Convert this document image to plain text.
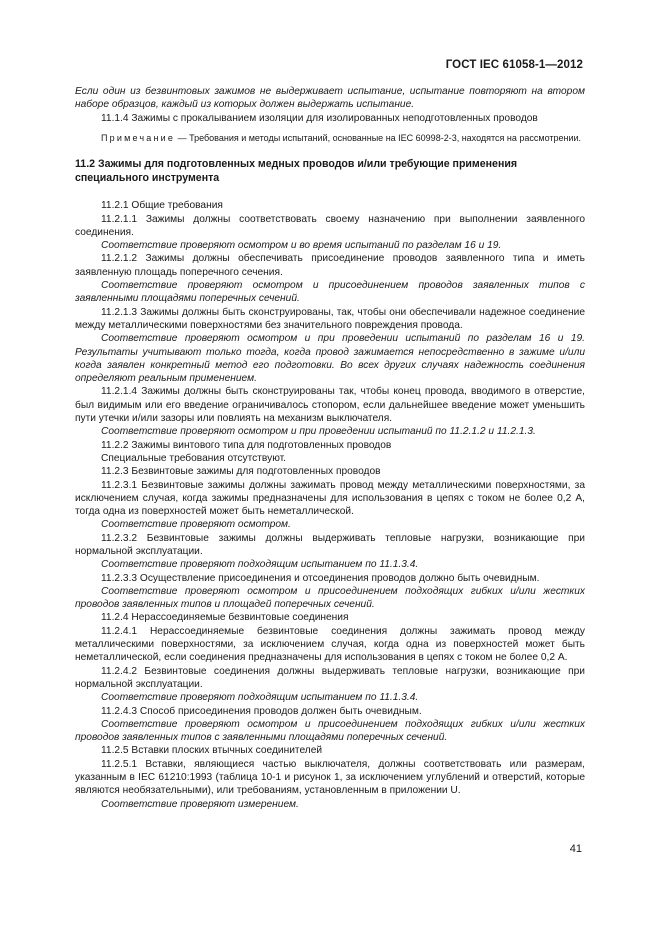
ГОСТ IEC 61058-1—2012

Если один из безвинтовых зажимов не выдерживает испытание, испытание повторяют на втором наборе образцов, каждый из которых должен выдержать испытание.

11.1.4 Зажимы с прокалыванием изоляции для изолированных неподготовленных проводов

Примечание — Требования и методы испытаний, основанные на IEC 60998-2-3, находятся на рассмотрении.

11.2 Зажимы для подготовленных медных проводов и/или требующие применения специального инструмента

11.2.1 Общие требования

11.2.1.1 Зажимы должны соответствовать своему назначению при выполнении заявленного соединения.

Соответствие проверяют осмотром и во время испытаний по разделам 16 и 19.

11.2.1.2 Зажимы должны обеспечивать присоединение проводов заявленного типа и иметь заявленную площадь поперечного сечения.

Соответствие проверяют осмотром и присоединением проводов заявленных типов с заявленными площадями поперечных сечений.

11.2.1.3 Зажимы должны быть сконструированы, так, чтобы они обеспечивали надежное соединение между металлическими поверхностями без значительного повреждения провода.

Соответствие проверяют осмотром и при проведении испытаний по разделам 16 и 19. Результаты учитывают только тогда, когда провод зажимается непосредственно в зажиме и/или когда заявлен конкретный метод его подготовки. Во всех других случаях надежность соединения определяют реальным применением.

11.2.1.4 Зажимы должны быть сконструированы так, чтобы конец провода, вводимого в отверстие, был видимым или его введение ограничивалось стопором, если дальнейшее введение может уменьшить пути утечки и/или зазоры или повлиять на механизм выключателя.

Соответствие проверяют осмотром и при проведении испытаний по 11.2.1.2 и 11.2.1.3.

11.2.2 Зажимы винтового типа для подготовленных проводов

Специальные требования отсутствуют.

11.2.3 Безвинтовые зажимы для подготовленных проводов

11.2.3.1 Безвинтовые зажимы должны зажимать провод между металлическими поверхностями, за исключением случая, когда зажимы предназначены для использования в цепях с током не более 0,2 А, тогда одна из поверхностей может быть неметаллической.

Соответствие проверяют осмотром.

11.2.3.2 Безвинтовые зажимы должны выдерживать тепловые нагрузки, возникающие при нормальной эксплуатации.

Соответствие проверяют подходящим испытанием по 11.1.3.4.

11.2.3.3 Осуществление присоединения и отсоединения проводов должно быть очевидным.

Соответствие проверяют осмотром и присоединением подходящих гибких и/или жестких проводов заявленных типов и площадей поперечных сечений.

11.2.4 Нерассоединяемые безвинтовые соединения

11.2.4.1 Нерассоединяемые безвинтовые соединения должны зажимать провод между металлическими поверхностями, за исключением случая, когда одна из поверхностей может быть неметаллической, если соединения предназначены для использования в цепях с током не более 0,2 А.

11.2.4.2 Безвинтовые соединения должны выдерживать тепловые нагрузки, возникающие при нормальной эксплуатации.

Соответствие проверяют подходящим испытанием по 11.1.3.4.

11.2.4.3 Способ присоединения проводов должен быть очевидным.

Соответствие проверяют осмотром и присоединением подходящих гибких и/или жестких проводов заявленных типов с заявленными площадями поперечных сечений.

11.2.5 Вставки плоских втычных соединителей

11.2.5.1 Вставки, являющиеся частью выключателя, должны соответствовать или размерам, указанным в IEC 61210:1993 (таблица 10-1 и рисунок 1, за исключением углублений и отверстий, которые являются необязательными), или требованиям, установленным в приложении U.

Соответствие проверяют измерением.

41
